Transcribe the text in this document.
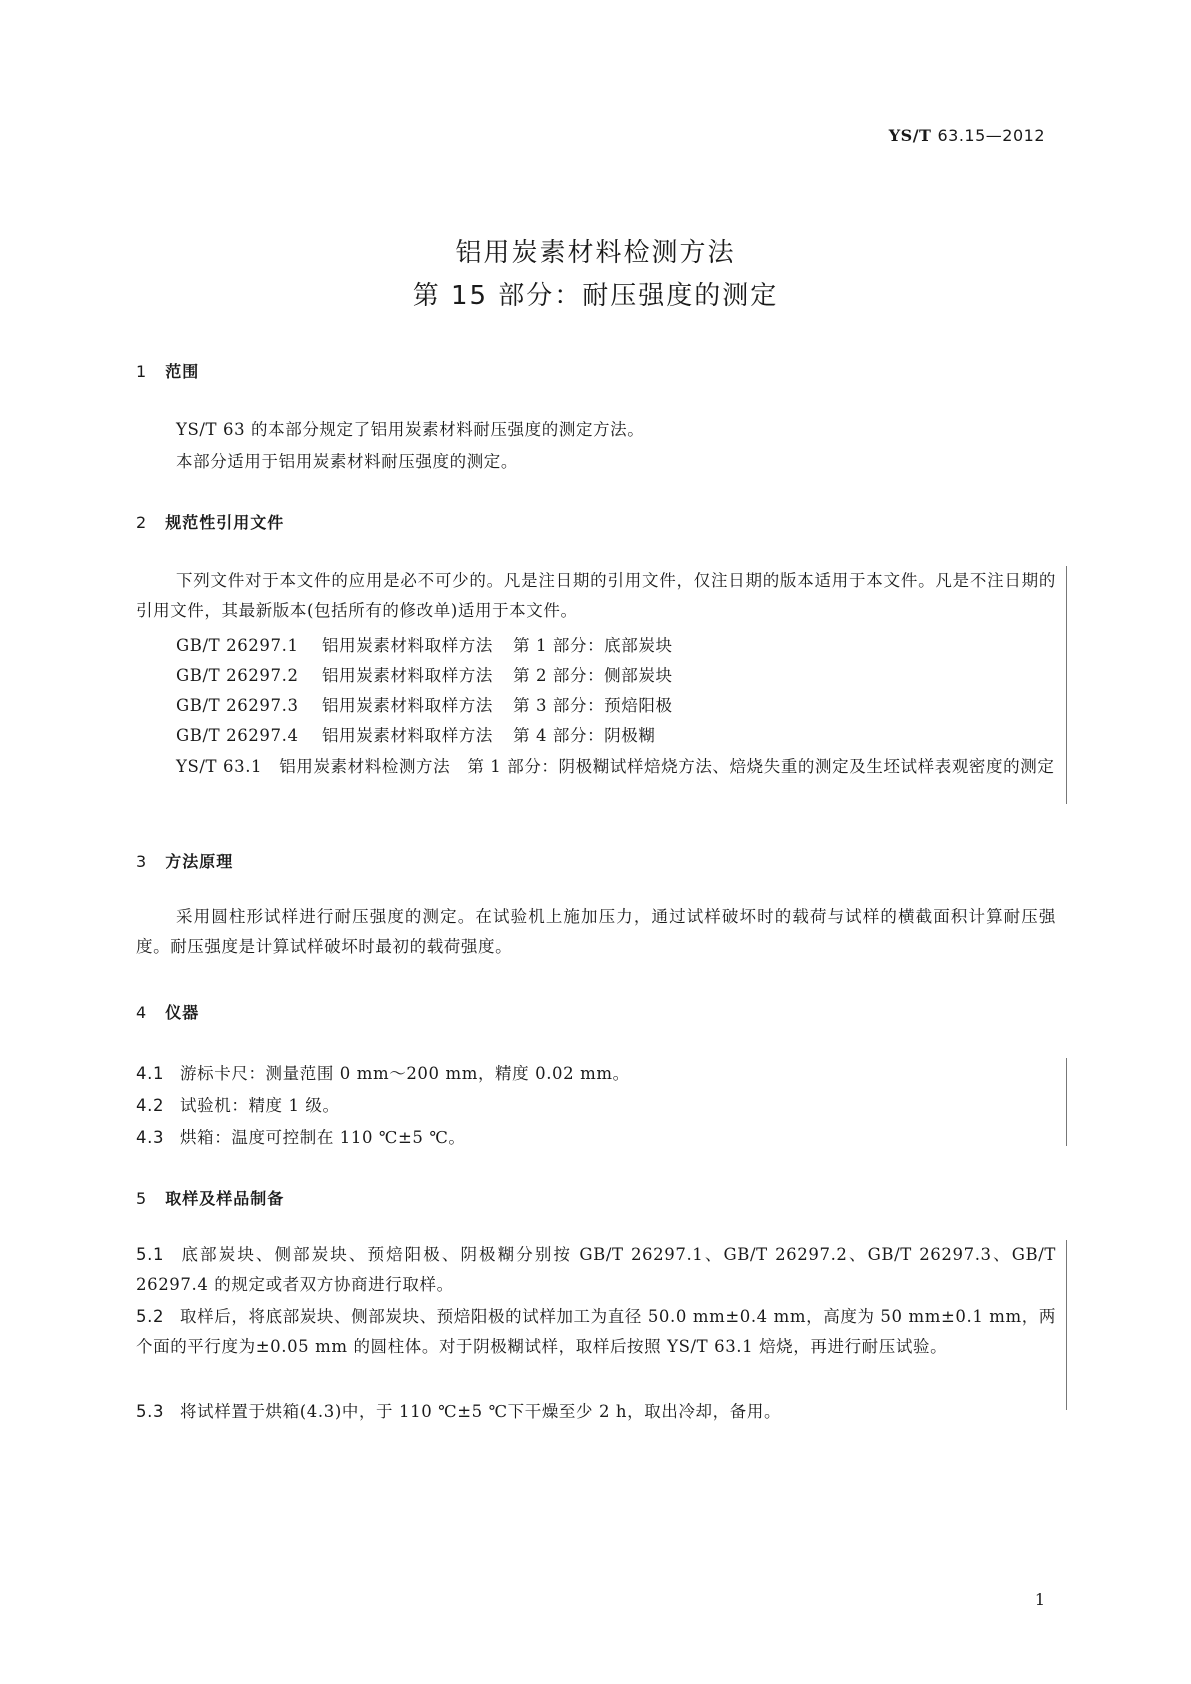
YS/T 63.15—2012
铝用炭素材料检测方法
第 15 部分：耐压强度的测定
1 范围
YS/T 63 的本部分规定了铝用炭素材料耐压强度的测定方法。
本部分适用于铝用炭素材料耐压强度的测定。
2 规范性引用文件
下列文件对于本文件的应用是必不可少的。凡是注日期的引用文件，仅注日期的版本适用于本文件。凡是不注日期的引用文件，其最新版本(包括所有的修改单)适用于本文件。
GB/T 26297.1 铝用炭素材料取样方法 第 1 部分：底部炭块
GB/T 26297.2 铝用炭素材料取样方法 第 2 部分：侧部炭块
GB/T 26297.3 铝用炭素材料取样方法 第 3 部分：预焙阳极
GB/T 26297.4 铝用炭素材料取样方法 第 4 部分：阴极糊
YS/T 63.1　铝用炭素材料检测方法　第 1 部分：阴极糊试样焙烧方法、焙烧失重的测定及生坯试样表观密度的测定
3 方法原理
采用圆柱形试样进行耐压强度的测定。在试验机上施加压力，通过试样破坏时的载荷与试样的横截面积计算耐压强度。耐压强度是计算试样破坏时最初的载荷强度。
4 仪器
4.1 游标卡尺：测量范围 0 mm～200 mm，精度 0.02 mm。
4.2 试验机：精度 1 级。
4.3 烘箱：温度可控制在 110 ℃±5 ℃。
5 取样及样品制备
5.1 底部炭块、侧部炭块、预焙阳极、阴极糊分别按 GB/T 26297.1、GB/T 26297.2、GB/T 26297.3、GB/T 26297.4 的规定或者双方协商进行取样。
5.2 取样后，将底部炭块、侧部炭块、预焙阳极的试样加工为直径 50.0 mm±0.4 mm，高度为 50 mm±0.1 mm，两个面的平行度为±0.05 mm 的圆柱体。对于阴极糊试样，取样后按照 YS/T 63.1 焙烧，再进行耐压试验。
5.3 将试样置于烘箱(4.3)中，于 110 ℃±5 ℃下干燥至少 2 h，取出冷却，备用。
1
